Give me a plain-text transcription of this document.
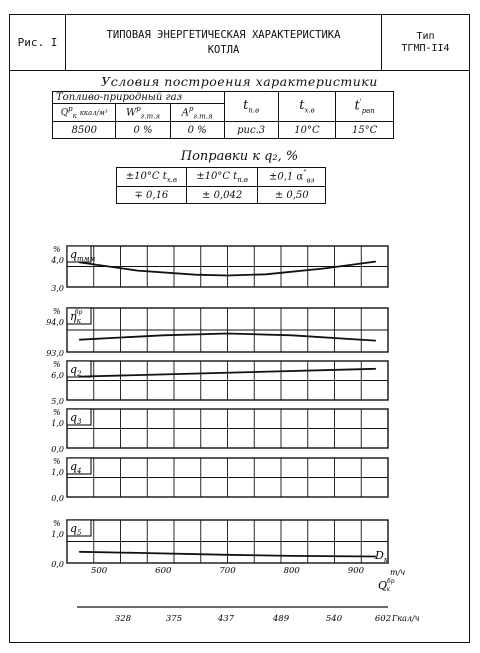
Рис. I
ТИПОВАЯ ЭНЕРГЕТИЧЕСКАЯ ХАРАКТЕРИСТИКА
КОТЛА
Тип
ТГМП-II4
Условия построения характеристики
Топливо-природный газ			$t_{п.в}$	$t_{х.в}$	$t'_{рвп}$
$Q^р_к$ ккал/м³	$W^р_{г.т.я}$	$A^р_{г.т.я}$
8500	0 %	0 %	рис.3	10°C	15°C
Поправки к q₂, %
±10°C $t_{х.в}$	±10°C $t_{п.в}$	±0,1 $\alpha^"_{вэ}$
∓ 0,16	± 0,042	± 0,50
$q_{тмм}$
%
4,0
3,0
$\eta_кбр$
%
94,0
93,0
$q_2$
%
6,0
5,0
$q_3$
%
1,0
0,0
$q_4$
%
1,0
0,0
$q_5$
%
1,0
0,0
$D_к$
500	600	700	800	900	т/ч
$Q^{бр}$ к
328	375	437	489	540	602 Гкал/ч
